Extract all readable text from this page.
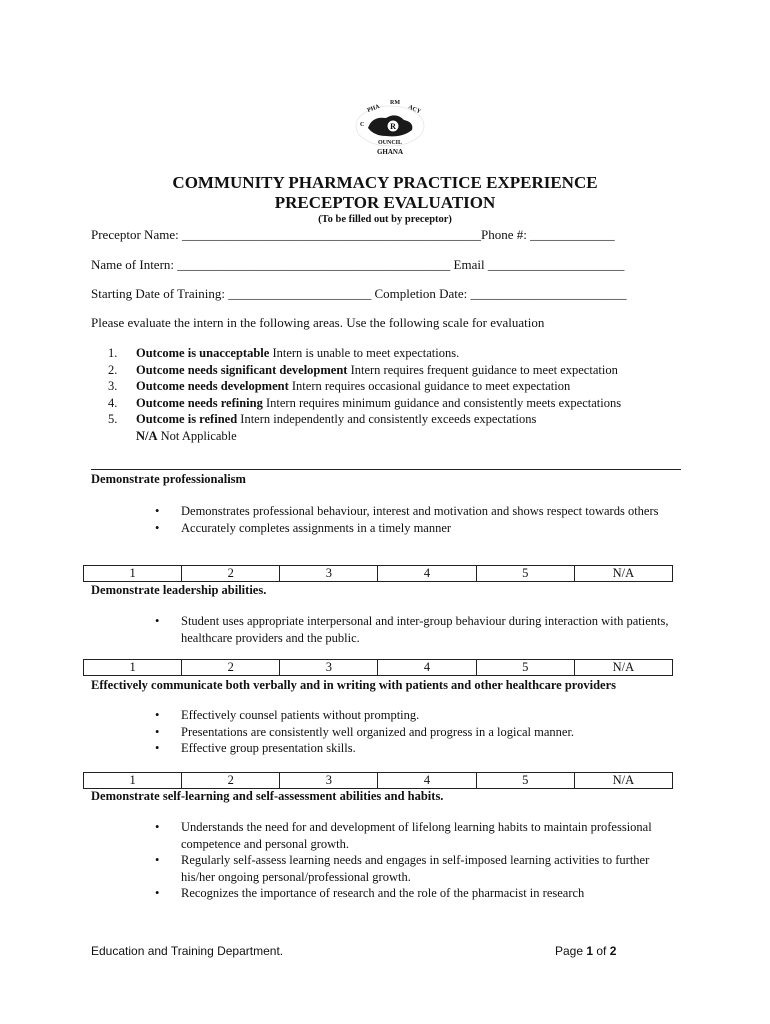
R
PHA
RM
ACY
C
OUNCIL
GHANA
COMMUNITY PHARMACY PRACTICE EXPERIENCE
PRECEPTOR EVALUATION
(To be filled out by preceptor)
Preceptor Name: ______________________________________________Phone #: _____________
Name of Intern: __________________________________________ Email _____________________
Starting Date of Training: ______________________ Completion Date: ________________________
Please evaluate the intern in the following areas. Use the following scale for evaluation
1.	Outcome is unacceptable Intern is unable to meet expectations.
2.	Outcome needs significant development Intern requires frequent guidance to meet expectation
3.	Outcome needs development Intern requires occasional guidance to meet expectation
4.	Outcome needs refining Intern requires minimum guidance and consistently meets expectations
5.	Outcome is refined Intern independently and consistently exceeds expectations
N/A Not Applicable
Demonstrate professionalism
•	Demonstrates professional behaviour, interest and motivation and shows respect towards others
•	Accurately completes assignments in a timely manner
1	2	3	4	5	N/A
Demonstrate leadership abilities.
•	Student uses appropriate interpersonal and inter-group behaviour during interaction with patients, healthcare providers and the public.
1	2	3	4	5	N/A
Effectively communicate both verbally and in writing with patients and other healthcare providers
•	Effectively counsel patients without prompting.
•	Presentations are consistently well organized and progress in a logical manner.
•	Effective group presentation skills.
1	2	3	4	5	N/A
Demonstrate self-learning and self-assessment abilities and habits.
•	Understands the need for and development of lifelong learning habits to maintain professional competence and personal growth.
•	Regularly self-assess learning needs and engages in self-imposed learning activities to further his/her ongoing personal/professional growth.
•	Recognizes the importance of research and the role of the pharmacist in research
Education and Training Department.	Page 1 of 2
